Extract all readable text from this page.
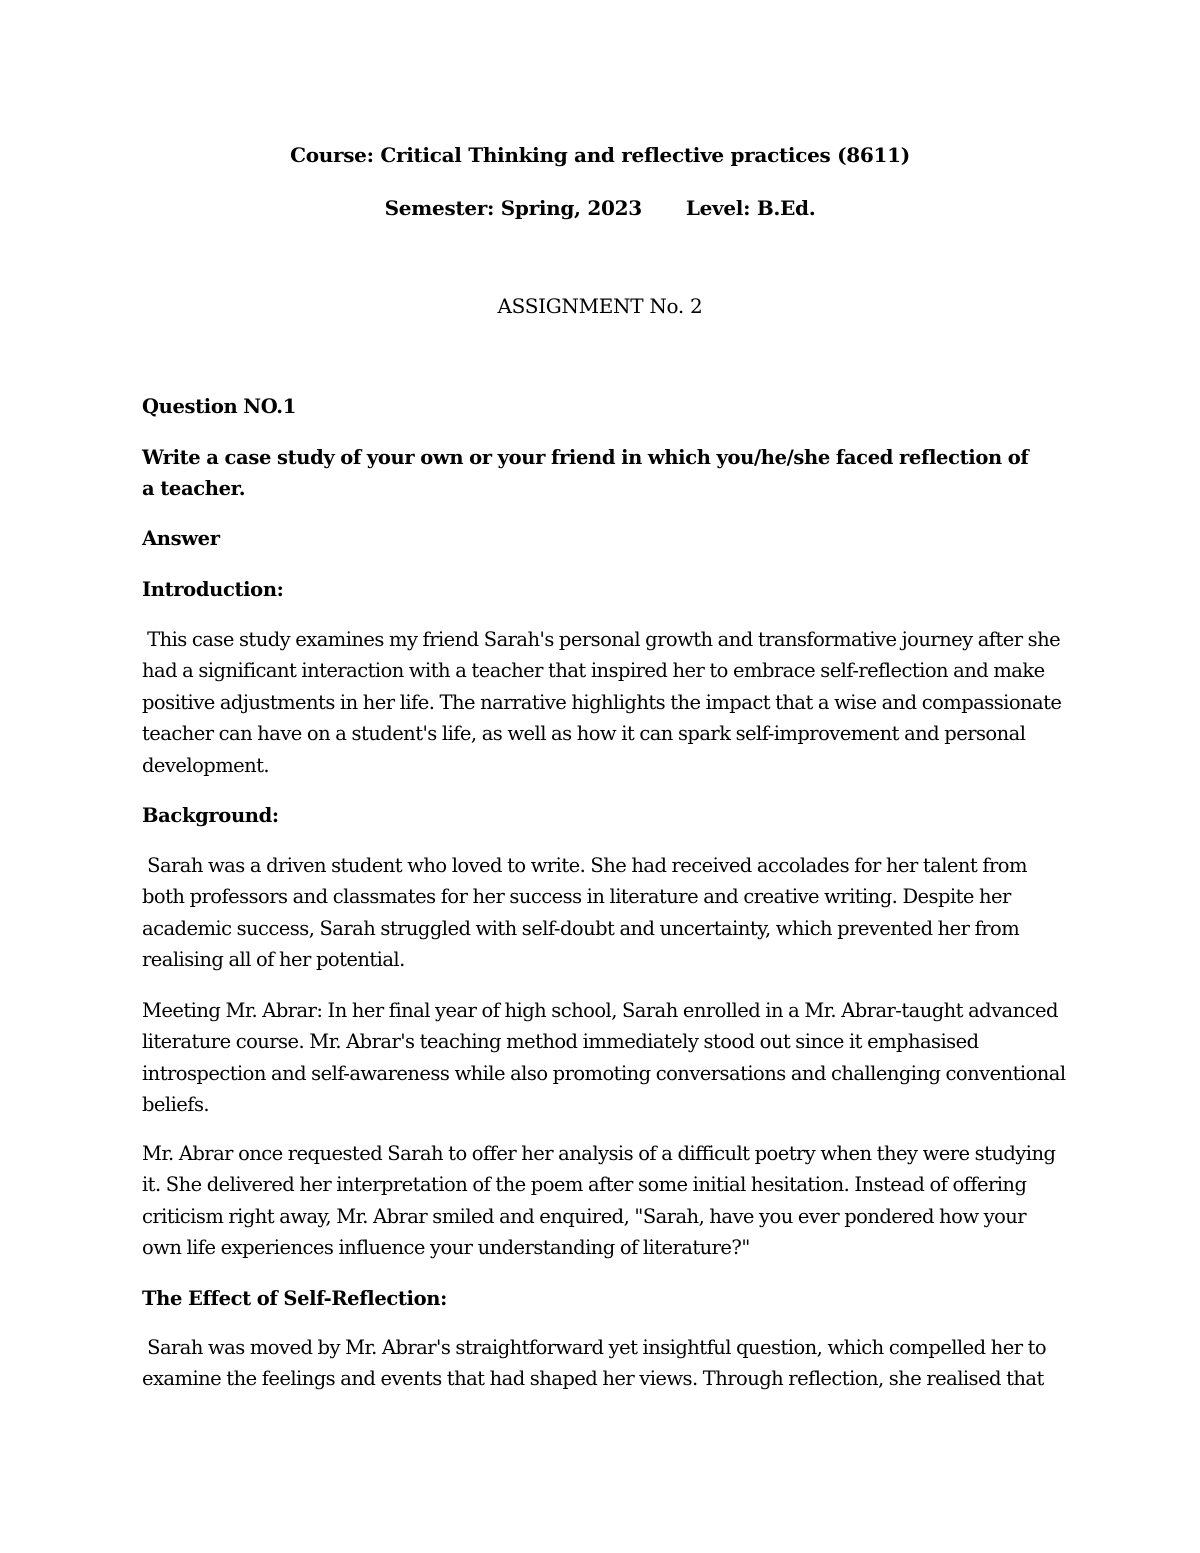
Course: Critical Thinking and reflective practices (8611)
Semester: Spring, 2023 Level: B.Ed.
ASSIGNMENT No. 2
Question NO.1
Write a case study of your own or your friend in which you/he/she faced reflection of a teacher.
Answer
Introduction:
This case study examines my friend Sarah's personal growth and transformative journey after she had a significant interaction with a teacher that inspired her to embrace self-reflection and make positive adjustments in her life. The narrative highlights the impact that a wise and compassionate teacher can have on a student's life, as well as how it can spark self-improvement and personal development.
Background:
Sarah was a driven student who loved to write. She had received accolades for her talent from both professors and classmates for her success in literature and creative writing. Despite her academic success, Sarah struggled with self-doubt and uncertainty, which prevented her from realising all of her potential.
Meeting Mr. Abrar: In her final year of high school, Sarah enrolled in a Mr. Abrar-taught advanced literature course. Mr. Abrar's teaching method immediately stood out since it emphasised introspection and self-awareness while also promoting conversations and challenging conventional beliefs.
Mr. Abrar once requested Sarah to offer her analysis of a difficult poetry when they were studying it. She delivered her interpretation of the poem after some initial hesitation. Instead of offering criticism right away, Mr. Abrar smiled and enquired, "Sarah, have you ever pondered how your own life experiences influence your understanding of literature?"
The Effect of Self-Reflection:
Sarah was moved by Mr. Abrar's straightforward yet insightful question, which compelled her to examine the feelings and events that had shaped her views. Through reflection, she realised that
